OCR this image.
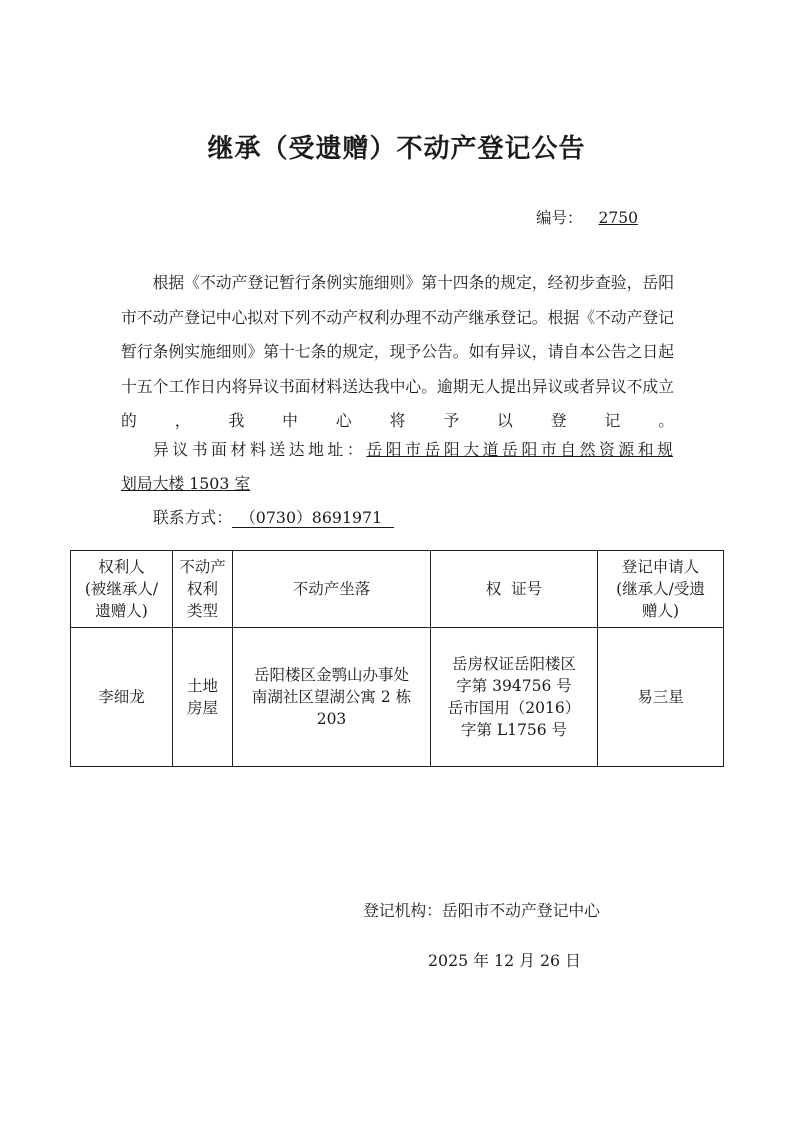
继承（受遗赠）不动产登记公告
编号： 2750
根据《不动产登记暂行条例实施细则》第十四条的规定，经初步查验，岳阳市不动产登记中心拟对下列不动产权利办理不动产继承登记。根据《不动产登记暂行条例实施细则》第十七条的规定，现予公告。如有异议，请自本公告之日起十五个工作日内将异议书面材料送达我中心。逾期无人提出异议或者异议不成立的，我中心将予以登记。
异议书面材料送达地址：岳阳市岳阳大道岳阳市自然资源和规
划局大楼 1503 室
联系方式： （0730）8691971
权利人
(被继承人/
遗赠人)	不动产
权利
类型	不动产坐落	权  证号	登记申请人
(继承人/受遗
赠人)
李细龙	土地
房屋	岳阳楼区金鹗山办事处
南湖社区望湖公寓 2 栋
203	岳房权证岳阳楼区
字第 394756 号
岳市国用（2016）
字第 L1756 号	易三星
登记机构：岳阳市不动产登记中心
2025 年 12 月 26 日
